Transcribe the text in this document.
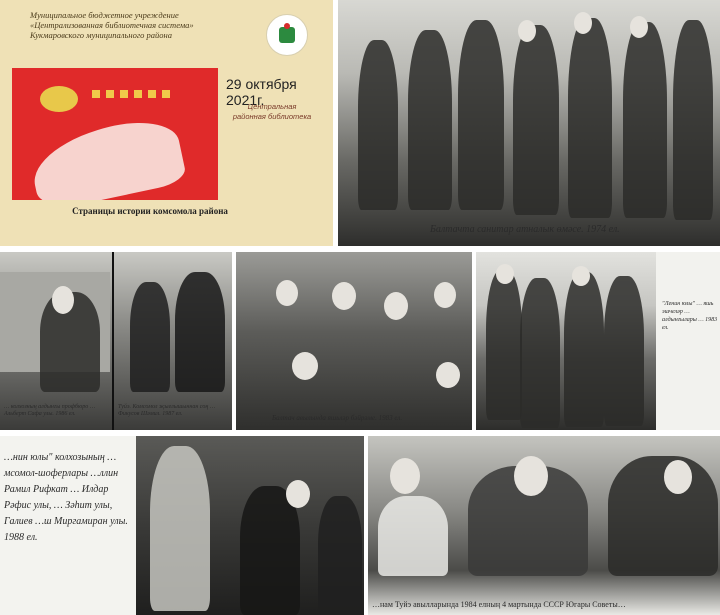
Муниципальное бюджетное учреждение «Централизованная библиотечная система» Кукмаровского муниципального района
29 октября 2021г.
Центральная районная библиотека
Страницы истории комсомола района
Балтачта санитар атналык өмәсе. 1974 ел.
… колхозның алдынгы профбюро … Альберт Сафа улы. 1986 ел.
Туйэ. Комсомол җыелышыннан соң … Фикусов Шәмил. 1987 ел.	Балтач авылында яшьләр бәйрәме. 1983 ел.
"Ленин юлы" … яшь эшчеләр … алдынгылары … 1983 ел.
…нин юлы" колхозының …мсомол-шоферлары …ллин Рамил Рифкат … Илдар Рәфис улы, … Зәһит улы, Галиев …ш Миргамиран улы. 1988 ел.
…нам Туйэ авылларында 1984 елның 4 мартында СССР Югары Советы…
